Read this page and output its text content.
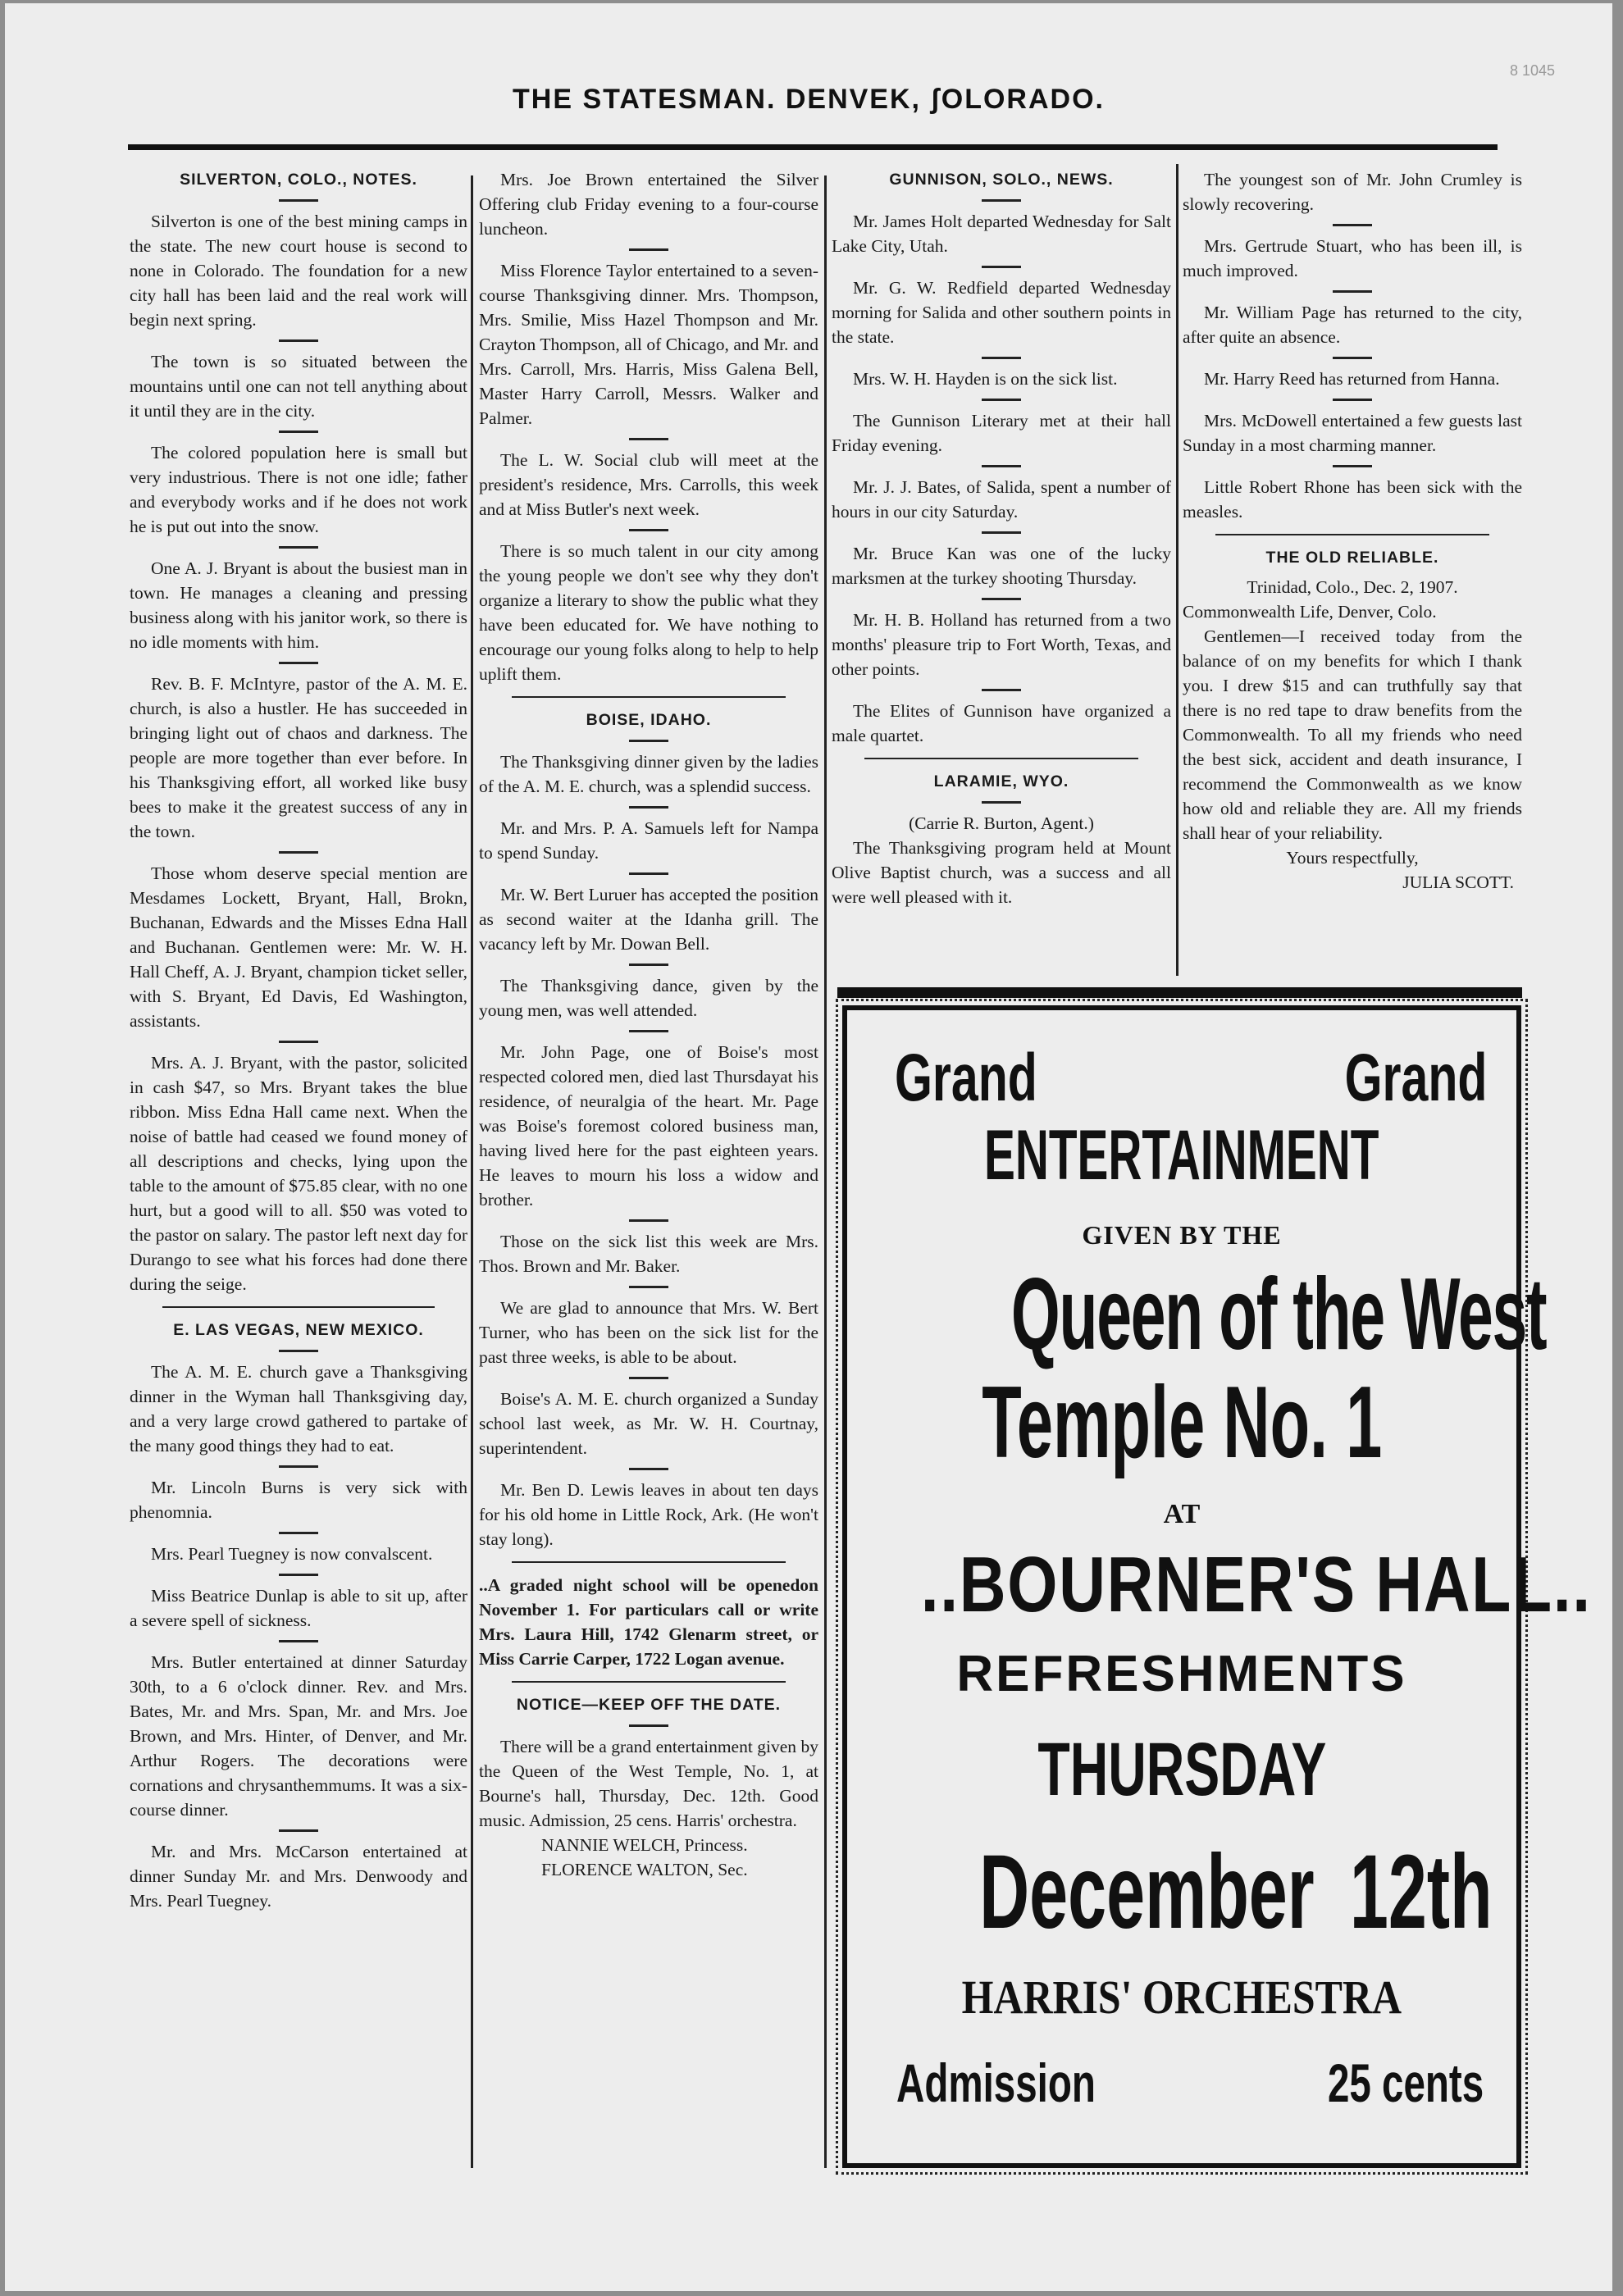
THE STATESMAN. DENVEK, ʃOLORADO.
8 1045
SILVERTON, COLO., NOTES.

Silverton is one of the best mining camps in the state. The new court house is second to none in Colorado. The foundation for a new city hall has been laid and the real work will begin next spring.

The town is so situated between the mountains until one can not tell anything about it until they are in the city.

The colored population here is small but very industrious. There is not one idle; father and everybody works and if he does not work he is put out into the snow.

One A. J. Bryant is about the busiest man in town. He manages a cleaning and pressing business along with his janitor work, so there is no idle moments with him.

Rev. B. F. McIntyre, pastor of the A. M. E. church, is also a hustler. He has succeeded in bringing light out of chaos and darkness. The people are more together than ever before. In his Thanksgiving effort, all worked like busy bees to make it the greatest success of any in the town.

Those whom deserve special mention are Mesdames Lockett, Bryant, Hall, Brokn, Buchanan, Edwards and the Misses Edna Hall and Buchanan. Gentlemen were: Mr. W. H. Hall Cheff, A. J. Bryant, champion ticket seller, with S. Bryant, Ed Davis, Ed Washington, assistants.

Mrs. A. J. Bryant, with the pastor, solicited in cash $47, so Mrs. Bryant takes the blue ribbon. Miss Edna Hall came next. When the noise of battle had ceased we found money of all descriptions and checks, lying upon the table to the amount of $75.85 clear, with no one hurt, but a good will to all. $50 was voted to the pastor on salary. The pastor left next day for Durango to see what his forces had done there during the seige.

E. LAS VEGAS, NEW MEXICO.

The A. M. E. church gave a Thanksgiving dinner in the Wyman hall Thanksgiving day, and a very large crowd gathered to partake of the many good things they had to eat.

Mr. Lincoln Burns is very sick with phenomnia.

Mrs. Pearl Tuegney is now convalscent.

Miss Beatrice Dunlap is able to sit up, after a severe spell of sickness.

Mrs. Butler entertained at dinner Saturday 30th, to a 6 o'clock dinner. Rev. and Mrs. Bates, Mr. and Mrs. Span, Mr. and Mrs. Joe Brown, and Mrs. Hinter, of Denver, and Mr. Arthur Rogers. The decorations were cornations and chrysanthemmums. It was a six-course dinner.

Mr. and Mrs. McCarson entertained at dinner Sunday Mr. and Mrs. Denwoody and Mrs. Pearl Tuegney.

Mrs. Joe Brown entertained the Silver Offering club Friday evening to a four-course luncheon.

Miss Florence Taylor entertained to a seven-course Thanksgiving dinner. Mrs. Thompson, Mrs. Smilie, Miss Hazel Thompson and Mr. Crayton Thompson, all of Chicago, and Mr. and Mrs. Carroll, Mrs. Harris, Miss Galena Bell, Master Harry Carroll, Messrs. Walker and Palmer.

The L. W. Social club will meet at the president's residence, Mrs. Carrolls, this week and at Miss Butler's next week.

There is so much talent in our city among the young people we don't see why they don't organize a literary to show the public what they have been educated for. We have nothing to encourage our young folks along to help to help uplift them.

BOISE, IDAHO.

The Thanksgiving dinner given by the ladies of the A. M. E. church, was a splendid success.

Mr. and Mrs. P. A. Samuels left for Nampa to spend Sunday.

Mr. W. Bert Luruer has accepted the position as second waiter at the Idanha grill. The vacancy left by Mr. Dowan Bell.

The Thanksgiving dance, given by the young men, was well attended.

Mr. John Page, one of Boise's most respected colored men, died last Thursdayat his residence, of neuralgia of the heart. Mr. Page was Boise's foremost colored business man, having lived here for the past eighteen years. He leaves to mourn his loss a widow and brother.

Those on the sick list this week are Mrs. Thos. Brown and Mr. Baker.

We are glad to announce that Mrs. W. Bert Turner, who has been on the sick list for the past three weeks, is able to be about.

Boise's A. M. E. church organized a Sunday school last week, as Mr. W. H. Courtnay, superintendent.

Mr. Ben D. Lewis leaves in about ten days for his old home in Little Rock, Ark. (He won't stay long).

..A graded night school will be openedon November 1. For particulars call or write Mrs. Laura Hill, 1742 Glenarm street, or Miss Carrie Carper, 1722 Logan avenue.

NOTICE—KEEP OFF THE DATE.

There will be a grand entertainment given by the Queen of the West Temple, No. 1, at Bourne's hall, Thursday, Dec. 12th. Good music. Admission, 25 cens. Harris' orchestra.

NANNIE WELCH, Princess.

FLORENCE WALTON, Sec.

GUNNISON, SOLO., NEWS.

Mr. James Holt departed Wednesday for Salt Lake City, Utah.

Mr. G. W. Redfield departed Wednesday morning for Salida and other southern points in the state.

Mrs. W. H. Hayden is on the sick list.

The Gunnison Literary met at their hall Friday evening.

Mr. J. J. Bates, of Salida, spent a number of hours in our city Saturday.

Mr. Bruce Kan was one of the lucky marksmen at the turkey shooting Thursday.

Mr. H. B. Holland has returned from a two months' pleasure trip to Fort Worth, Texas, and other points.

The Elites of Gunnison have organized a male quartet.

LARAMIE, WYO.

(Carrie R. Burton, Agent.)

The Thanksgiving program held at Mount Olive Baptist church, was a success and all were well pleased with it.

The youngest son of Mr. John Crumley is slowly recovering.

Mrs. Gertrude Stuart, who has been ill, is much improved.

Mr. William Page has returned to the city, after quite an absence.

Mr. Harry Reed has returned from Hanna.

Mrs. McDowell entertained a few guests last Sunday in a most charming manner.

Little Robert Rhone has been sick with the measles.

THE OLD RELIABLE.

Trinidad, Colo., Dec. 2, 1907.

Commonwealth Life, Denver, Colo.

Gentlemen—I received today from the balance of on my benefits for which I thank you. I drew $15 and can truthfully say that there is no red tape to draw benefits from the Commonwealth. To all my friends who need the best sick, accident and death insurance, I recommend the Commonwealth as we know how old and reliable they are. All my friends shall hear of your reliability.

Yours respectfully,

JULIA SCOTT.

Grand	Grand
ENTERTAINMENT
GIVEN BY THE
Queen of the West
Temple No. 1
AT
..BOURNER'S HALL..
REFRESHMENTS
THURSDAY
December 12th
HARRIS' ORCHESTRA
Admission	25 cents
